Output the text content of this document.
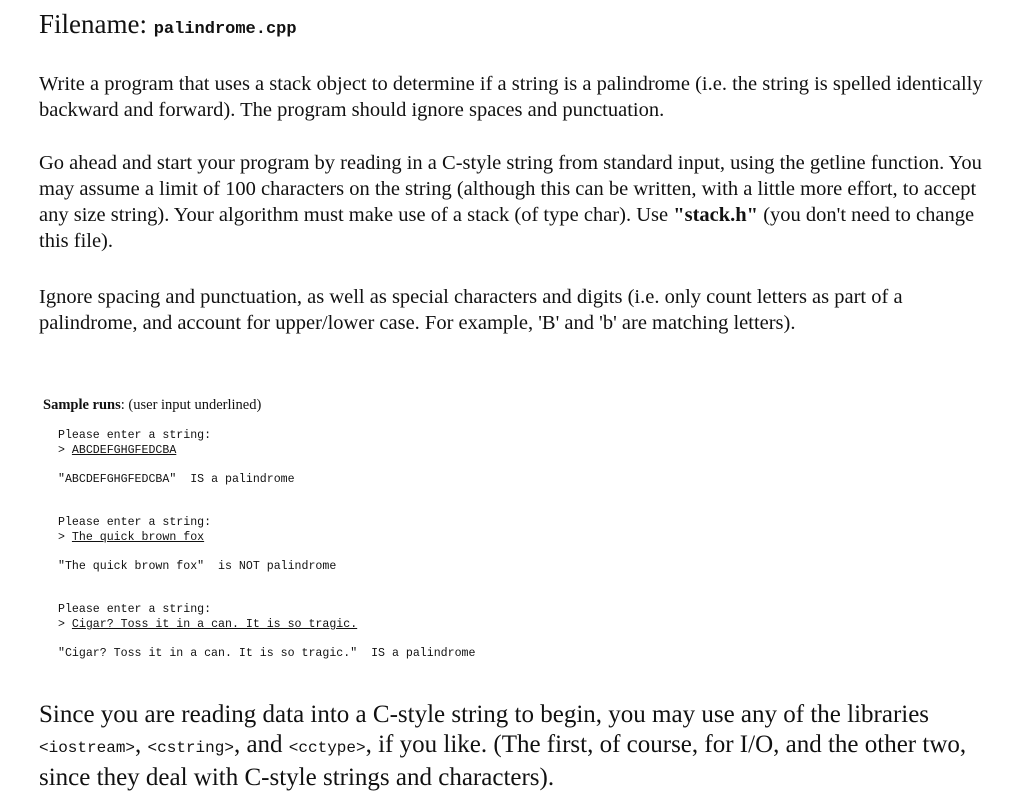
Filename: palindrome.cpp
Write a program that uses a stack object to determine if a string is a palindrome (i.e. the string is spelled identically backward and forward). The program should ignore spaces and punctuation.
Go ahead and start your program by reading in a C-style string from standard input, using the getline function. You may assume a limit of 100 characters on the string (although this can be written, with a little more effort, to accept any size string). Your algorithm must make use of a stack (of type char). Use "stack.h" (you don't need to change this file).
Ignore spacing and punctuation, as well as special characters and digits (i.e. only count letters as part of a palindrome, and account for upper/lower case. For example, 'B' and 'b' are matching letters).
Sample runs: (user input underlined)
Please enter a string:
> ABCDEFGHGFEDCBA
"ABCDEFGHGFEDCBA" IS a palindrome
Please enter a string:
> The quick brown fox
"The quick brown fox" is NOT palindrome
Please enter a string:
> Cigar? Toss it in a can. It is so tragic.
"Cigar? Toss it in a can. It is so tragic." IS a palindrome
Since you are reading data into a C-style string to begin, you may use any of the libraries <iostream>, <cstring>, and <cctype>, if you like. (The first, of course, for I/O, and the other two, since they deal with C-style strings and characters).
